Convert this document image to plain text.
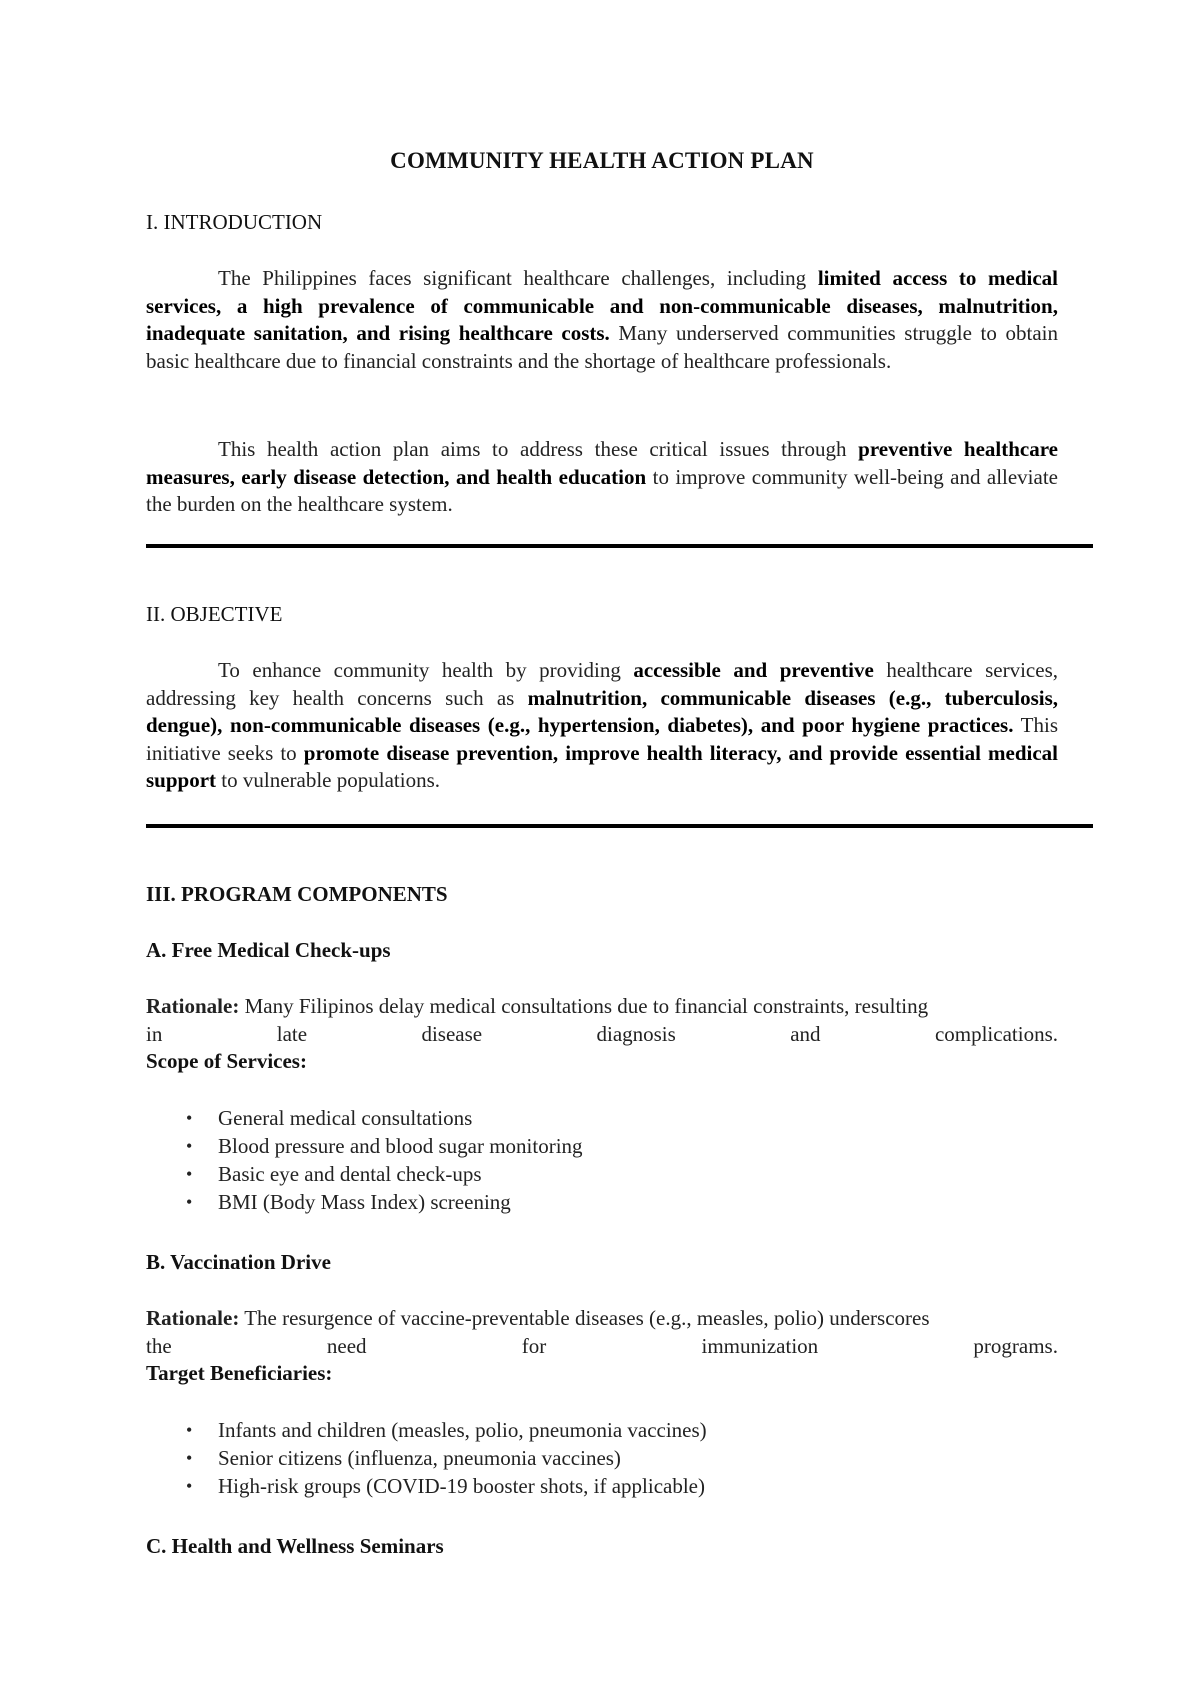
COMMUNITY HEALTH ACTION PLAN
I. INTRODUCTION

The Philippines faces significant healthcare challenges, including limited access to medical services, a high prevalence of communicable and non-communicable diseases, malnutrition, inadequate sanitation, and rising healthcare costs. Many underserved communities struggle to obtain basic healthcare due to financial constraints and the shortage of healthcare professionals.

This health action plan aims to address these critical issues through preventive healthcare measures, early disease detection, and health education to improve community well-being and alleviate the burden on the healthcare system.

II. OBJECTIVE

To enhance community health by providing accessible and preventive healthcare services, addressing key health concerns such as malnutrition, communicable diseases (e.g., tuberculosis, dengue), non-communicable diseases (e.g., hypertension, diabetes), and poor hygiene practices. This initiative seeks to promote disease prevention, improve health literacy, and provide essential medical support to vulnerable populations.

III. PROGRAM COMPONENTS
A. Free Medical Check-ups
Rationale: Many Filipinos delay medical consultations due to financial constraints, resulting
in	late	disease	diagnosis	and	complications.
Scope of Services:
• General medical consultations
• Blood pressure and blood sugar monitoring
• Basic eye and dental check-ups
• BMI (Body Mass Index) screening
B. Vaccination Drive
Rationale: The resurgence of vaccine-preventable diseases (e.g., measles, polio) underscores
the	need	for	immunization	programs.
Target Beneficiaries:
• Infants and children (measles, polio, pneumonia vaccines)
• Senior citizens (influenza, pneumonia vaccines)
• High-risk groups (COVID-19 booster shots, if applicable)
C. Health and Wellness Seminars
